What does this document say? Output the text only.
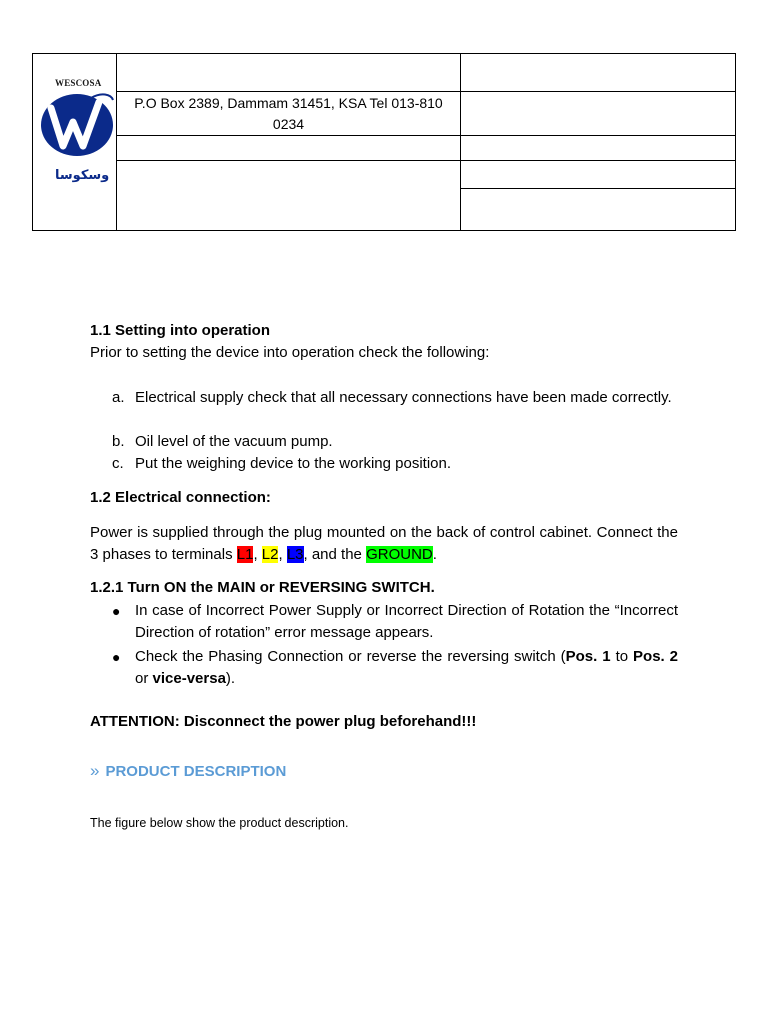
WESCOSA
وسكوسا		

	P.O Box 2389, Dammam 31451, KSA Tel 013-810 0234	

1.1 Setting into operation
Prior to setting the device into operation check the following:
a. Electrical supply check that all necessary connections have been made correctly.
b. Oil level of the vacuum pump.
c. Put the weighing device to the working position.
1.2 Electrical connection:
Power is supplied through the plug mounted on the back of control cabinet. Connect the 3 phases to terminals L1, L2, L3, and the GROUND.
1.2.1 Turn ON the MAIN or REVERSING SWITCH.
● In case of Incorrect Power Supply or Incorrect Direction of Rotation the “Incorrect Direction of rotation” error message appears.
● Check the Phasing Connection or reverse the reversing switch (Pos. 1 to Pos. 2 or vice-versa).
ATTENTION: Disconnect the power plug beforehand!!!
» PRODUCT DESCRIPTION
The figure below show the product description.
